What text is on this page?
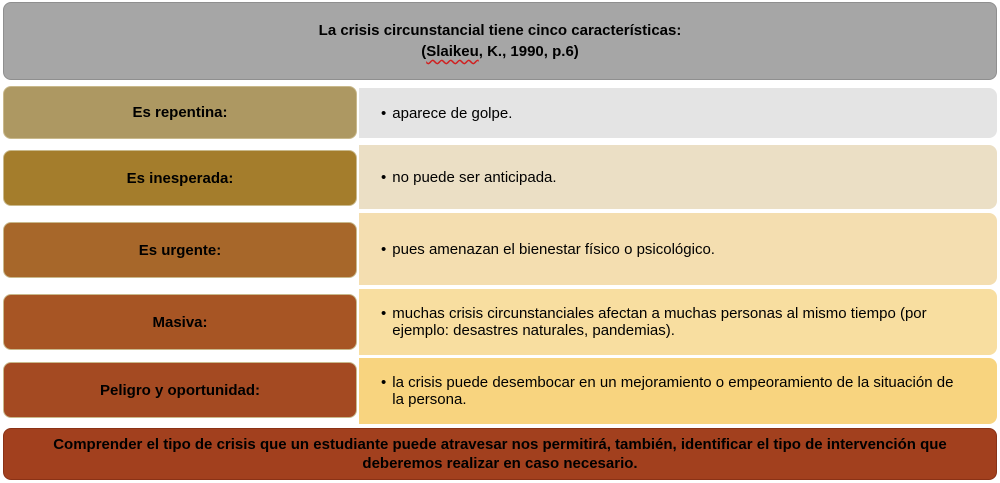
La crisis circunstancial tiene cinco características:
(Slaikeu, K., 1990, p.6)
Es repentina:	• aparece de golpe.
Es inesperada:	• no puede ser anticipada.
Es urgente:	• pues amenazan el bienestar físico o psicológico.
Masiva:	• muchas crisis circunstanciales afectan a muchas personas al mismo tiempo (por ejemplo: desastres naturales, pandemias).
Peligro y oportunidad:	• la crisis puede desembocar en un mejoramiento o empeoramiento de la situación de la persona.
Comprender el tipo de crisis que un estudiante puede atravesar nos permitirá, también, identificar el tipo de intervención que deberemos realizar en caso necesario.
